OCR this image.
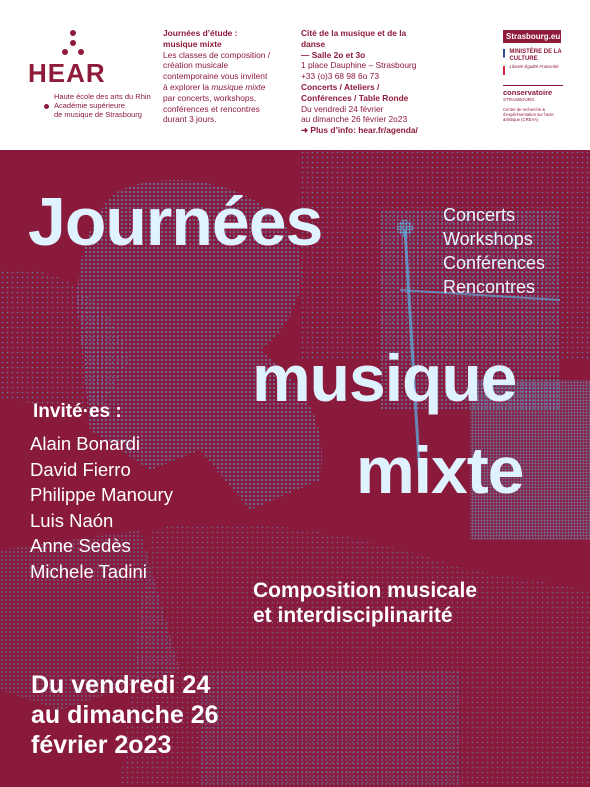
HEAR
Haute école des arts du Rhin
Académie supérieure
de musique de Strasbourg
Journées d’étude :
musique mixte
Les classes de composition /
création musicale
contemporaine vous invitent
à explorer la musique mixte
par concerts, workshops,
conférences et rencontres
durant 3 jours.
Cité de la musique et de la danse
— Salle 2o et 3o
1 place Dauphine – Strasbourg
+33 (o)3 68 98 6o 73
Concerts / Ateliers /
Conférences / Table Ronde
Du vendredi 24 février
au dimanche 26 février 2o23
➜ Plus d’info: hear.fr/agenda/
Strasbourg.eu
MINISTÈRE DE LA CULTURE
Liberté Égalité Fraternité
conservatoire
STRASBOURG
Centre de recherche & d'expérimentation sur l'acte artistique (CREAA)
Journées	Concerts
Workshops
Conférences
Rencontres
musique
mixte
Invité·es :
Alain Bonardi
David Fierro
Philippe Manoury
Luis Naón
Anne Sedès
Michele Tadini
Composition musicale
et interdisciplinarité
Du vendredi 24
au dimanche 26
février 2o23
